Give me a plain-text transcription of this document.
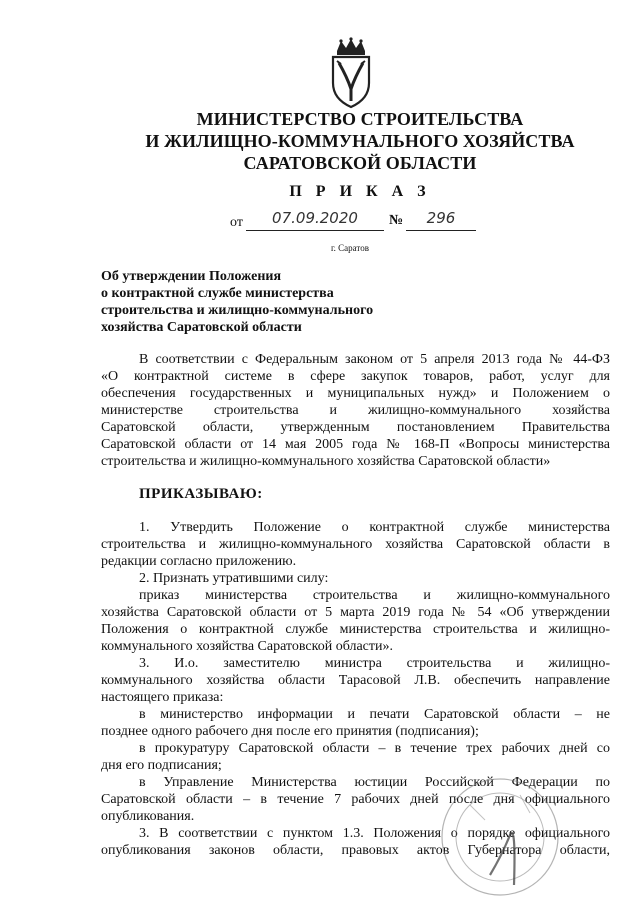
МИНИСТЕРСТВО СТРОИТЕЛЬСТВА
И ЖИЛИЩНО-КОММУНАЛЬНОГО ХОЗЯЙСТВА
САРАТОВСКОЙ ОБЛАСТИ
П Р И К А З
от	07.09.2020	№	296
г. Саратов
Об утверждении Положения
о контрактной службе министерства
строительства и жилищно-коммунального
хозяйства Саратовской области
В соответствии с Федеральным законом от 5 апреля 2013 года № 44-ФЗ
«О контрактной системе в сфере закупок товаров, работ, услуг для
обеспечения государственных и муниципальных нужд» и Положением о
министерстве строительства и жилищно-коммунального хозяйства
Саратовской области, утвержденным постановлением Правительства
Саратовской области от 14 мая 2005 года № 168-П «Вопросы министерства
строительства и жилищно-коммунального хозяйства Саратовской области»
ПРИКАЗЫВАЮ:
1. Утвердить Положение о контрактной службе министерства
строительства и жилищно-коммунального хозяйства Саратовской области в
редакции согласно приложению.
2. Признать утратившими силу:
приказ министерства строительства и жилищно-коммунального
хозяйства Саратовской области от 5 марта 2019 года № 54 «Об утверждении
Положения о контрактной службе министерства строительства и жилищно-
коммунального хозяйства Саратовской области».
3. И.о. заместителю министра строительства и жилищно-
коммунального хозяйства области Тарасовой Л.В. обеспечить направление
настоящего приказа:
в министерство информации и печати Саратовской области – не
позднее одного рабочего дня после его принятия (подписания);
в прокуратуру Саратовской области – в течение трех рабочих дней со
дня его подписания;
в Управление Министерства юстиции Российской Федерации по
Саратовской области – в течение 7 рабочих дней после дня официального
опубликования.
3. В соответствии с пунктом 1.3. Положения о порядке официального
опубликования законов области, правовых актов Губернатора области,
